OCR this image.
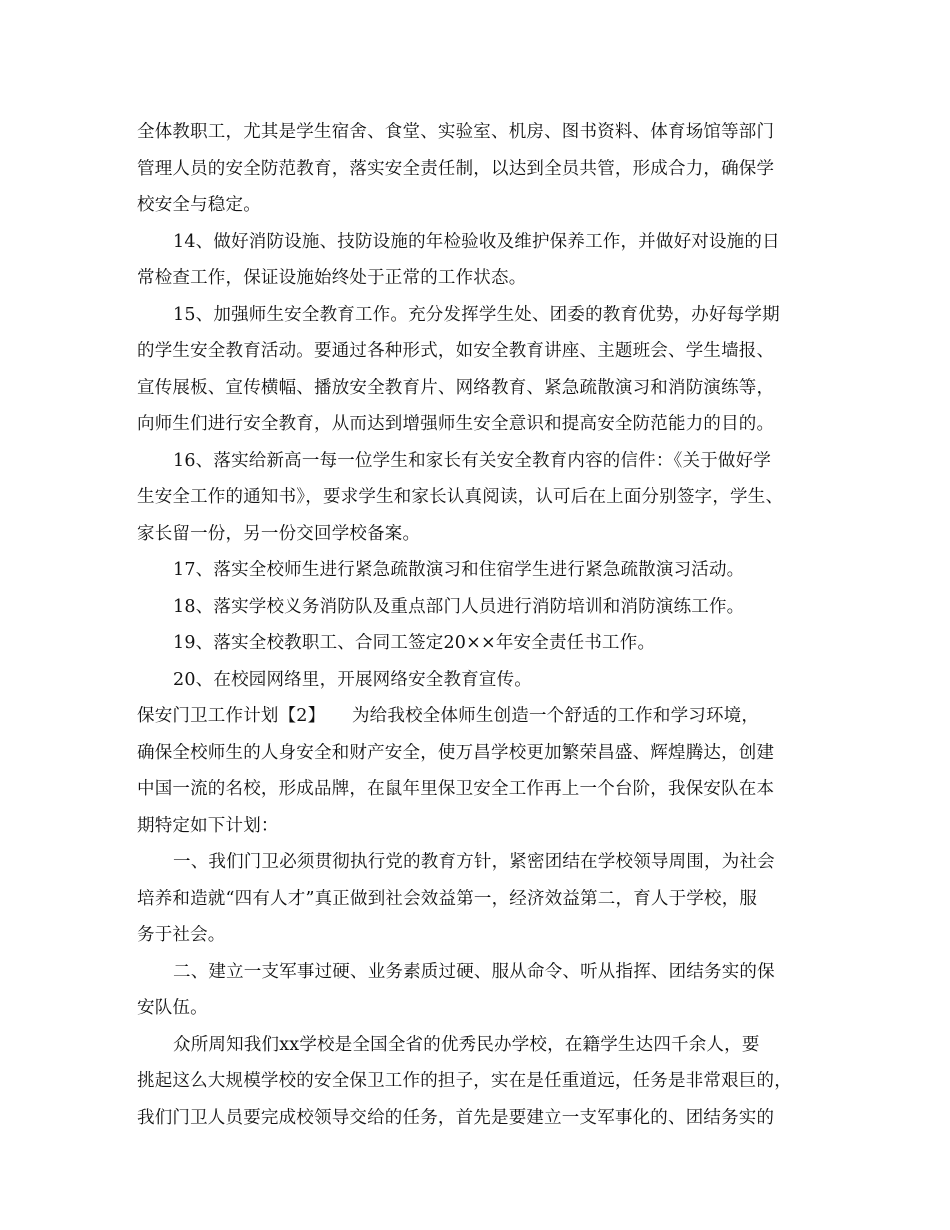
全体教职工，尤其是学生宿舍、食堂、实验室、机房、图书资料、体育场馆等部门
管理人员的安全防范教育，落实安全责任制，以达到全员共管，形成合力，确保学
校安全与稳定。
14、做好消防设施、技防设施的年检验收及维护保养工作，并做好对设施的日
常检查工作，保证设施始终处于正常的工作状态。
15、加强师生安全教育工作。充分发挥学生处、团委的教育优势，办好每学期
的学生安全教育活动。要通过各种形式，如安全教育讲座、主题班会、学生墙报、
宣传展板、宣传横幅、播放安全教育片、网络教育、紧急疏散演习和消防演练等，
向师生们进行安全教育，从而达到增强师生安全意识和提高安全防范能力的目的。
16、落实给新高一每一位学生和家长有关安全教育内容的信件：《关于做好学
生安全工作的通知书》，要求学生和家长认真阅读，认可后在上面分别签字，学生、
家长留一份，另一份交回学校备案。
17、落实全校师生进行紧急疏散演习和住宿学生进行紧急疏散演习活动。
18、落实学校义务消防队及重点部门人员进行消防培训和消防演练工作。
19、落实全校教职工、合同工签定20××年安全责任书工作。
20、在校园网络里，开展网络安全教育宣传。
保安门卫工作计划【2】　　为给我校全体师生创造一个舒适的工作和学习环境，
确保全校师生的人身安全和财产安全，使万昌学校更加繁荣昌盛、辉煌腾达，创建
中国一流的名校，形成品牌，在鼠年里保卫安全工作再上一个台阶，我保安队在本
期特定如下计划：
一、我们门卫必须贯彻执行党的教育方针，紧密团结在学校领导周围，为社会
培养和造就“四有人才”真正做到社会效益第一，经济效益第二，育人于学校，服
务于社会。
二、建立一支军事过硬、业务素质过硬、服从命令、听从指挥、团结务实的保
安队伍。
众所周知我们xx学校是全国全省的优秀民办学校，在籍学生达四千余人，要
挑起这么大规模学校的安全保卫工作的担子，实在是任重道远，任务是非常艰巨的，
我们门卫人员要完成校领导交给的任务，首先是要建立一支军事化的、团结务实的
